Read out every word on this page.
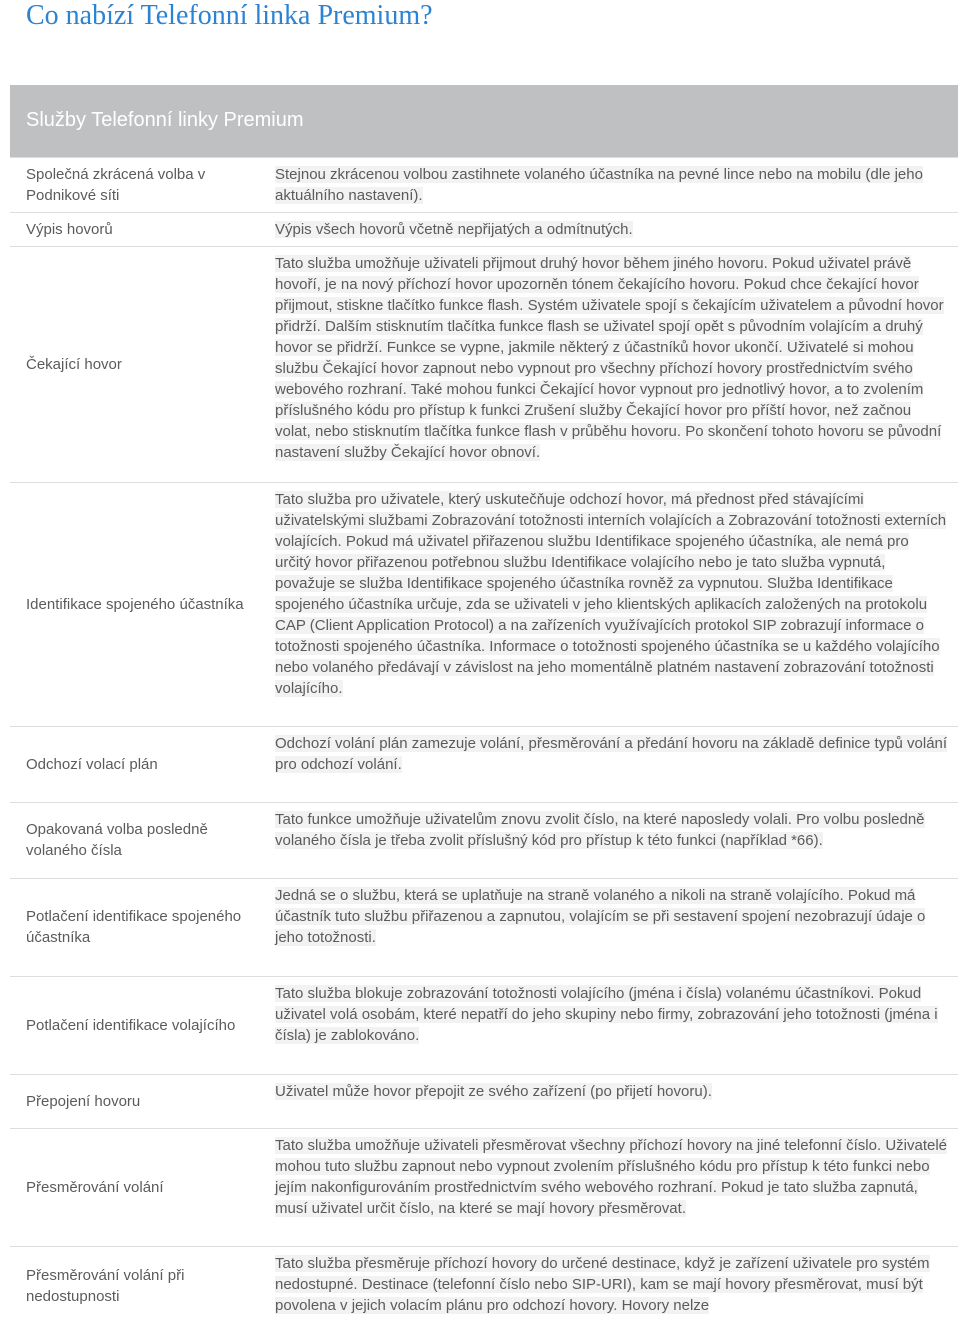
Co nabízí Telefonní linka Premium?
Služby Telefonní linky Premium	
Společná zkrácená volba v Podnikové síti	Stejnou zkrácenou volbou zastihnete volaného účastníka na pevné lince nebo na mobilu (dle jeho aktuálního nastavení).
Výpis hovorů	Výpis všech hovorů včetně nepřijatých a odmítnutých.
Čekající hovor	Tato služba umožňuje uživateli přijmout druhý hovor během jiného hovoru. Pokud uživatel právě hovoří, je na nový příchozí hovor upozorněn tónem čekajícího hovoru. Pokud chce čekající hovor přijmout, stiskne tlačítko funkce flash. Systém uživatele spojí s čekajícím uživatelem a původní hovor přidrží. Dalším stisknutím tlačítka funkce flash se uživatel spojí opět s původním volajícím a druhý hovor se přidrží. Funkce se vypne, jakmile některý z účastníků hovor ukončí. Uživatelé si mohou službu Čekající hovor zapnout nebo vypnout pro všechny příchozí hovory prostřednictvím svého webového rozhraní. Také mohou funkci Čekající hovor vypnout pro jednotlivý hovor, a to zvolením příslušného kódu pro přístup k funkci Zrušení služby Čekající hovor pro příští hovor, než začnou volat, nebo stisknutím tlačítka funkce flash v průběhu hovoru. Po skončení tohoto hovoru se původní nastavení služby Čekající hovor obnoví.
Identifikace spojeného účastníka	Tato služba pro uživatele, který uskutečňuje odchozí hovor, má přednost před stávajícími uživatelskými službami Zobrazování totožnosti interních volajících a Zobrazování totožnosti externích volajících. Pokud má uživatel přiřazenou službu Identifikace spojeného účastníka, ale nemá pro určitý hovor přiřazenou potřebnou službu Identifikace volajícího nebo je tato služba vypnutá, považuje se služba Identifikace spojeného účastníka rovněž za vypnutou. Služba Identifikace spojeného účastníka určuje, zda se uživateli v jeho klientských aplikacích založených na protokolu CAP (Client Application Protocol) a na zařízeních využívajících protokol SIP zobrazují informace o totožnosti spojeného účastníka. Informace o totožnosti spojeného účastníka se u každého volajícího nebo volaného předávají v závislost na jeho momentálně platném nastavení zobrazování totožnosti volajícího.
Odchozí volací plán	Odchozí volání plán zamezuje volání, přesměrování a předání hovoru na základě definice typů volání pro odchozí volání.
Opakovaná volba posledně volaného čísla	Tato funkce umožňuje uživatelům znovu zvolit číslo, na které naposledy volali. Pro volbu posledně volaného čísla je třeba zvolit příslušný kód pro přístup k této funkci (například *66).
Potlačení identifikace spojeného účastníka	Jedná se o službu, která se uplatňuje na straně volaného a nikoli na straně volajícího. Pokud má účastník tuto službu přiřazenou a zapnutou, volajícím se při sestavení spojení nezobrazují údaje o jeho totožnosti.
Potlačení identifikace volajícího	Tato služba blokuje zobrazování totožnosti volajícího (jména i čísla) volanému účastníkovi. Pokud uživatel volá osobám, které nepatří do jeho skupiny nebo firmy, zobrazování jeho totožnosti (jména i čísla) je zablokováno.
Přepojení hovoru	Uživatel může hovor přepojit ze svého zařízení (po přijetí hovoru).
Přesměrování volání	Tato služba umožňuje uživateli přesměrovat všechny příchozí hovory na jiné telefonní číslo. Uživatelé mohou tuto službu zapnout nebo vypnout zvolením příslušného kódu pro přístup k této funkci nebo jejím nakonfigurováním prostřednictvím svého webového rozhraní. Pokud je tato služba zapnutá, musí uživatel určit číslo, na které se mají hovory přesměrovat.
Přesměrování volání při nedostupnosti	Tato služba přesměruje příchozí hovory do určené destinace, když je zařízení uživatele pro systém nedostupné. Destinace (telefonní číslo nebo SIP-URI), kam se mají hovory přesměrovat, musí být povolena v jejich volacím plánu pro odchozí hovory. Hovory nelze
